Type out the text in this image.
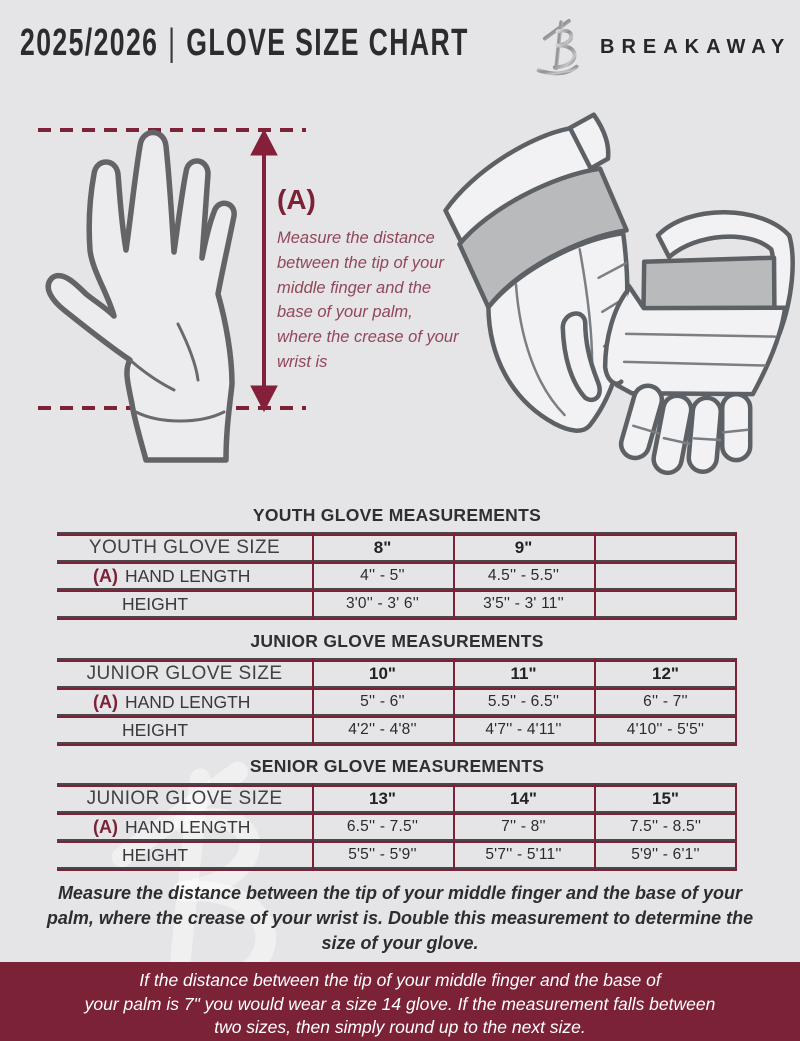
2025/2026 | GLOVE SIZE CHART	BREAKAWAY
(A)
Measure the distance
between the tip of your
middle finger and the
base of your palm,
where the crease of your
wrist is
YOUTH GLOVE MEASUREMENTS
YOUTH GLOVE SIZE	8"	9"
(A) HAND LENGTH	4'' - 5''	4.5'' - 5.5''
HEIGHT	3'0'' - 3' 6''	3'5'' - 3' 11''
JUNIOR GLOVE MEASUREMENTS
JUNIOR GLOVE SIZE	10"	11"	12"
(A) HAND LENGTH	5'' - 6''	5.5'' - 6.5''	6'' - 7''
HEIGHT	4'2'' - 4'8''	4'7'' - 4'11''	4'10'' - 5'5''
SENIOR GLOVE MEASUREMENTS
JUNIOR GLOVE SIZE	13"	14"	15"
(A) HAND LENGTH	6.5'' - 7.5''	7'' - 8''	7.5'' - 8.5''
HEIGHT	5'5'' - 5'9''	5'7'' - 5'11''	5'9'' - 6'1''
Measure the distance between the tip of your middle finger and the base of your
palm, where the crease of your wrist is. Double this measurement to determine the
size of your glove.
If the distance between the tip of your middle finger and the base of
your palm is 7" you would wear a size 14 glove. If the measurement falls between
two sizes, then simply round up to the next size.
